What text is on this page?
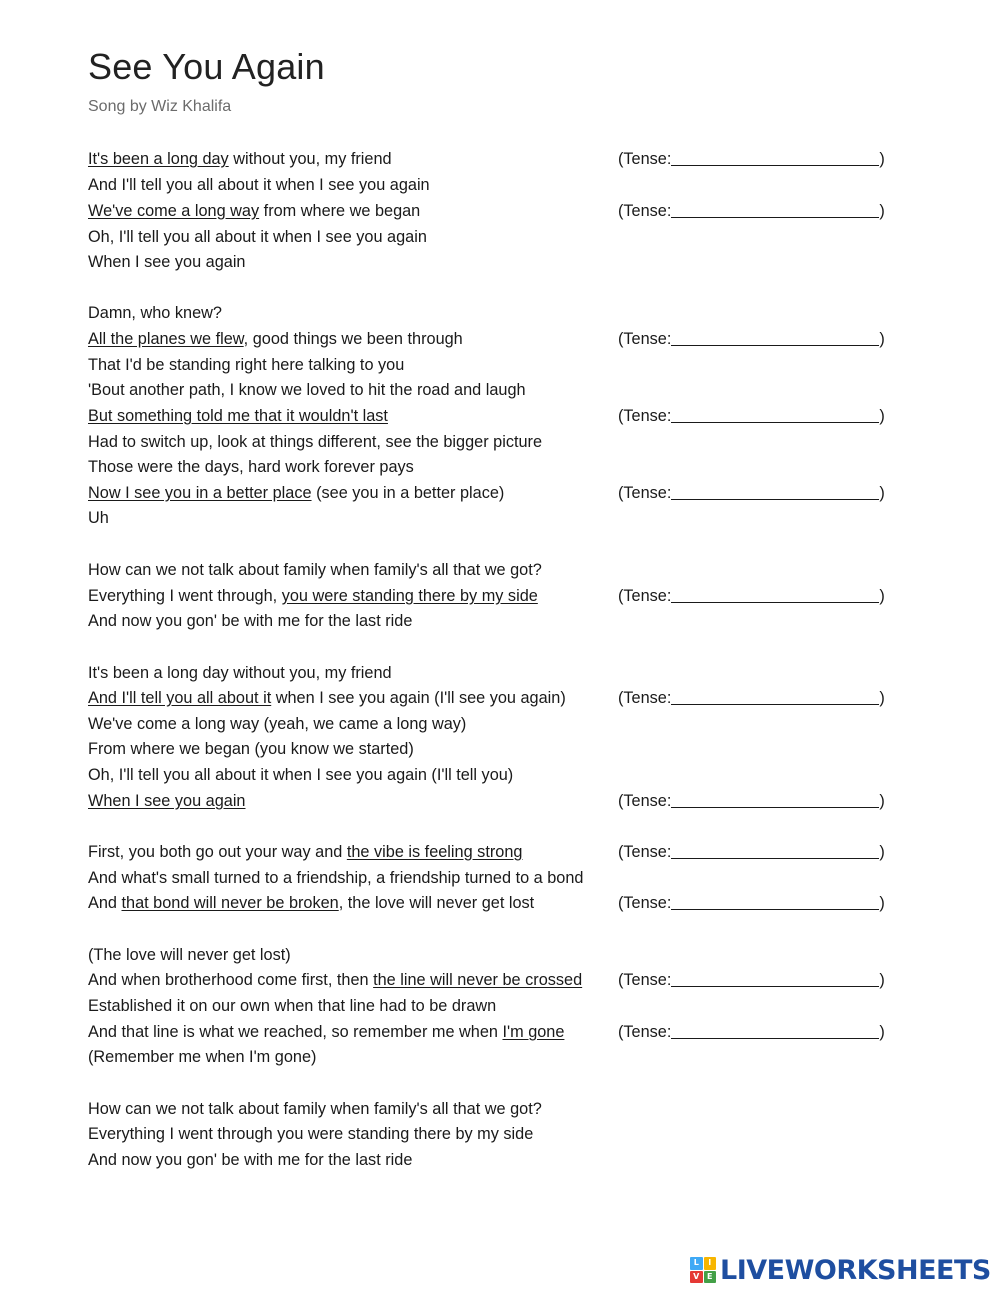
See You Again
Song by Wiz Khalifa
It's been a long day without you, my friend	(Tense:	)
And I'll tell you all about it when I see you again
We've come a long way from where we began	(Tense:	)
Oh, I'll tell you all about it when I see you again
When I see you again
Damn, who knew?
All the planes we flew, good things we been through	(Tense:	)
That I'd be standing right here talking to you
'Bout another path, I know we loved to hit the road and laugh
But something told me that it wouldn't last	(Tense:	)
Had to switch up, look at things different, see the bigger picture
Those were the days, hard work forever pays
Now I see you in a better place (see you in a better place)	(Tense:	)
Uh
How can we not talk about family when family's all that we got?
Everything I went through, you were standing there by my side	(Tense:	)
And now you gon' be with me for the last ride
It's been a long day without you, my friend
And I'll tell you all about it when I see you again (I'll see you again)	(Tense:	)
We've come a long way (yeah, we came a long way)
From where we began (you know we started)
Oh, I'll tell you all about it when I see you again (I'll tell you)
When I see you again	(Tense:	)
First, you both go out your way and the vibe is feeling strong	(Tense:	)
And what's small turned to a friendship, a friendship turned to a bond
And that bond will never be broken, the love will never get lost	(Tense:	)
(The love will never get lost)
And when brotherhood come first, then the line will never be crossed (Tense:	)
Established it on our own when that line had to be drawn
And that line is what we reached, so remember me when I'm gone	(Tense:	)
(Remember me when I'm gone)
How can we not talk about family when family's all that we got?
Everything I went through you were standing there by my side
And now you gon' be with me for the last ride
L	I
V E LIVEWORKSHEETS
